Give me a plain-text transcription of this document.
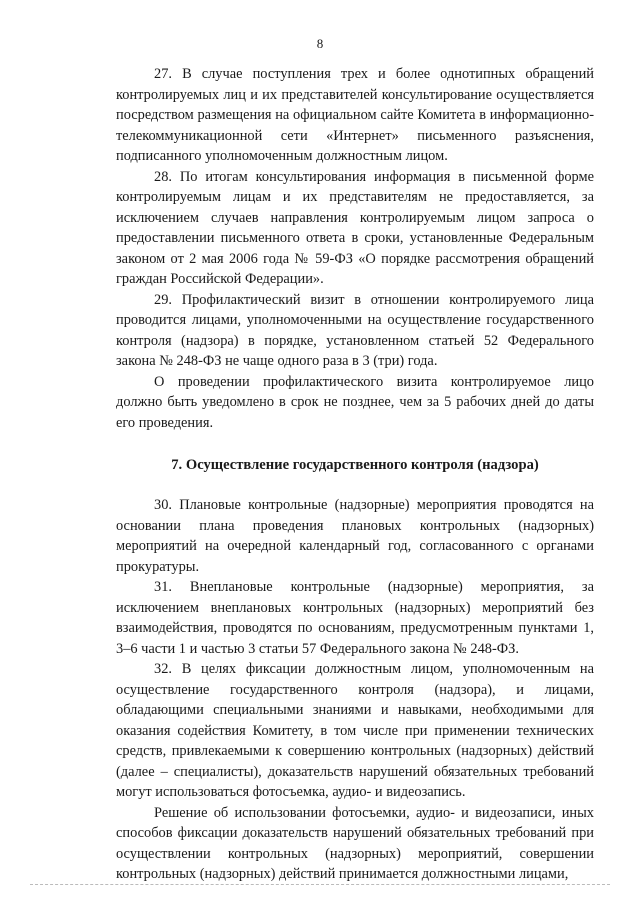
8

27. В случае поступления трех и более однотипных обращений контролируемых лиц и их представителей консультирование осуществляется посредством размещения на официальном сайте Комитета в информационно-телекоммуникационной сети «Интернет» письменного разъяснения, подписанного уполномоченным должностным лицом.

28. По итогам консультирования информация в письменной форме контролируемым лицам и их представителям не предоставляется, за исключением случаев направления контролируемым лицом запроса о предоставлении письменного ответа в сроки, установленные Федеральным законом от 2 мая 2006 года № 59-ФЗ «О порядке рассмотрения обращений граждан Российской Федерации».

29. Профилактический визит в отношении контролируемого лица проводится лицами, уполномоченными на осуществление государственного контроля (надзора) в порядке, установленном статьей 52 Федерального закона № 248-ФЗ не чаще одного раза в 3 (три) года.

О проведении профилактического визита контролируемое лицо должно быть уведомлено в срок не позднее, чем за 5 рабочих дней до даты его проведения.

7. Осуществление государственного контроля (надзора)

30. Плановые контрольные (надзорные) мероприятия проводятся на основании плана проведения плановых контрольных (надзорных) мероприятий на очередной календарный год, согласованного с органами прокуратуры.

31. Внеплановые контрольные (надзорные) мероприятия, за исключением внеплановых контрольных (надзорных) мероприятий без взаимодействия, проводятся по основаниям, предусмотренным пунктами 1, 3–6 части 1 и частью 3 статьи 57 Федерального закона № 248-ФЗ.

32. В целях фиксации должностным лицом, уполномоченным на осуществление государственного контроля (надзора), и лицами, обладающими специальными знаниями и навыками, необходимыми для оказания содействия Комитету, в том числе при применении технических средств, привлекаемыми к совершению контрольных (надзорных) действий (далее – специалисты), доказательств нарушений обязательных требований могут использоваться фотосъемка, аудио- и видеозапись.

Решение об использовании фотосъемки, аудио- и видеозаписи, иных способов фиксации доказательств нарушений обязательных требований при осуществлении контрольных (надзорных) мероприятий, совершении контрольных (надзорных) действий принимается должностными лицами,
